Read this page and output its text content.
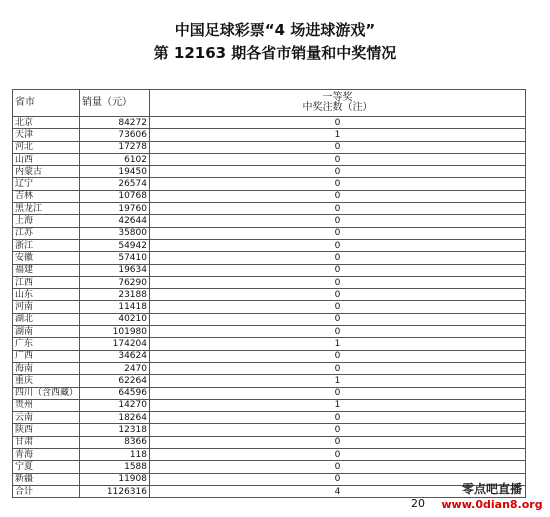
中国足球彩票“4 场进球游戏”
第 12163 期各省市销量和中奖情况
省市	销量（元）	一等奖
中奖注数（注）

北京	84272	0
天津	73606	1
河北	17278	0
山西	6102	0
内蒙古	19450	0
辽宁	26574	0
吉林	10768	0
黑龙江	19760	0
上海	42644	0
江苏	35800	0
浙江	54942	0
安徽	57410	0
福建	19634	0
江西	76290	0
山东	23188	0
河南	11418	0
湖北	40210	0
湖南	101980	0
广东	174204	1
广西	34624	0
海南	2470	0
重庆	62264	1
四川（含西藏）	64596	0
贵州	14270	1
云南	18264	0
陕西	12318	0
甘肃	8366	0
青海	118	0
宁夏	1588	0
新疆	11908	0
合计	1126316	4
20
零点吧直播
www.0dian8.org
